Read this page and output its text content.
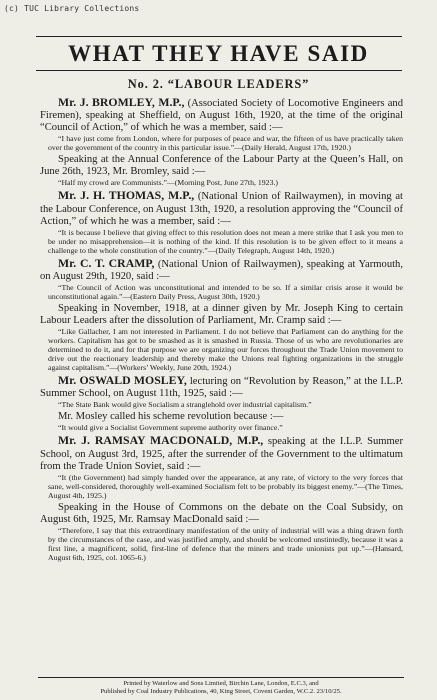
(c) TUC Library Collections
WHAT THEY HAVE SAID
No. 2. “LABOUR LEADERS”

Mr. J. BROMLEY, M.P., (Associated Society of Locomotive Engineers and Firemen), speaking at Sheffield, on August 16th, 1920, at the time of the original “Council of Action,” of which he was a member, said :—

“I have just come from London, where for purposes of peace and war, the fifteen of us have practically taken over the government of the country in this particular issue.”—(Daily Herald, August 17th, 1920.)

Speaking at the Annual Conference of the Labour Party at the Queen’s Hall, on June 26th, 1923, Mr. Bromley, said :—

“Half my crowd are Communists.”—(Morning Post, June 27th, 1923.)

Mr. J. H. THOMAS, M.P., (National Union of Railwaymen), in moving at the Labour Conference, on August 13th, 1920, a resolution approving the “Council of Action,” of which he was a member, said :—

“It is because I believe that giving effect to this resolution does not mean a mere strike that I ask you men to be under no misapprehension—it is nothing of the kind. If this resolution is to be given effect to it means a challenge to the whole constitution of the country.”—(Daily Telegraph, August 14th, 1920.)

Mr. C. T. CRAMP, (National Union of Railwaymen), speaking at Yarmouth, on August 29th, 1920, said :—

“The Council of Action was unconstitutional and intended to be so. If a similar crisis arose it would be unconstitutional again.”—(Eastern Daily Press, August 30th, 1920.)

Speaking in November, 1918, at a dinner given by Mr. Joseph King to certain Labour Leaders after the dissolution of Parliament, Mr. Cramp said :—

“Like Gallacher, I am not interested in Parliament. I do not believe that Parliament can do anything for the workers. Capitalism has got to be smashed as it is smashed in Russia. Those of us who are revolutionaries are determined to do it, and for that purpose we are organizing our forces throughout the Trade Union movement to drive out the reactionary leadership and thereby make the Unions real fighting organizations in the struggle against capitalism.”—(Workers’ Weekly, June 20th, 1924.)

Mr. OSWALD MOSLEY, lecturing on “Revolution by Reason,” at the I.L.P. Summer School, on August 11th, 1925, said :—

“The State Bank would give Socialism a stranglehold over industrial capitalism.”

Mr. Mosley called his scheme revolution because :—

“It would give a Socialist Government supreme authority over finance.”

Mr. J. RAMSAY MACDONALD, M.P., speaking at the I.L.P. Summer School, on August 3rd, 1925, after the surrender of the Government to the ultimatum from the Trade Union Soviet, said :—

“It (the Government) had simply handed over the appearance, at any rate, of victory to the very forces that sane, well-considered, thoroughly well-examined Socialism felt to be probably its biggest enemy.”—(The Times, August 4th, 1925.)

Speaking in the House of Commons on the debate on the Coal Subsidy, on August 6th, 1925, Mr. Ramsay MacDonald said :—

“Therefore, I say that this extraordinary manifestation of the unity of industrial will was a thing drawn forth by the circumstances of the case, and was justified amply, and should be welcomed unstintedly, because it was a first line, a magnificent, solid, first-line of defence that the miners and trade unionists put up.”—(Hansard, August 6th, 1925, col. 1065-6.)

Printed by Waterlow and Sons Limited, Birchin Lane, London, E.C.3, and
Published by Coal Industry Publications, 40, King Street, Covent Garden, W.C.2. 23/10/25.
